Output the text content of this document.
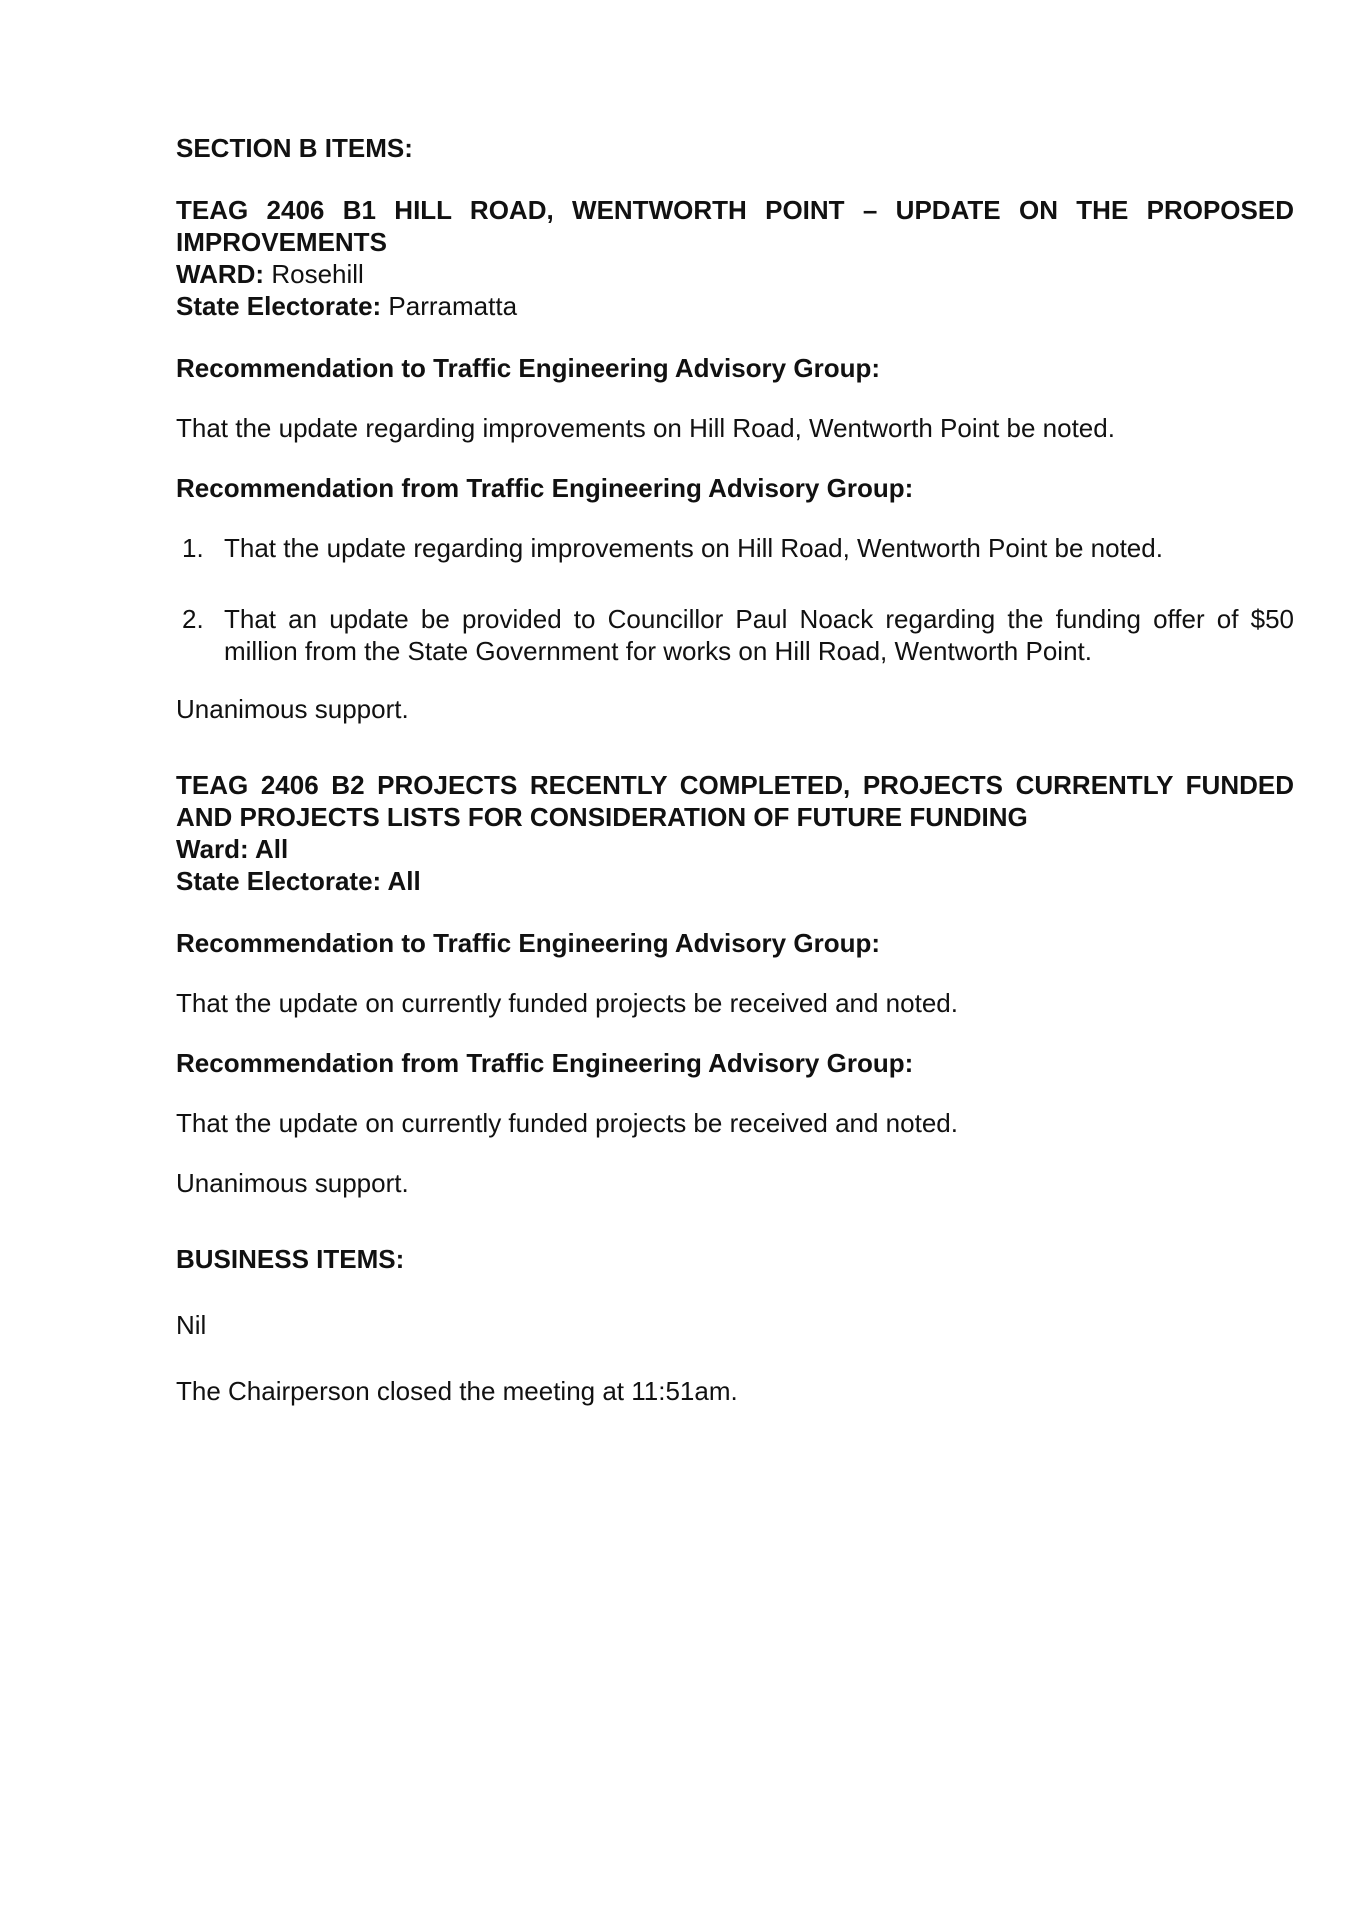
SECTION B ITEMS:

TEAG 2406 B1 HILL ROAD, WENTWORTH POINT – UPDATE ON THE PROPOSED IMPROVEMENTS

WARD: Rosehill

State Electorate: Parramatta

Recommendation to Traffic Engineering Advisory Group:

That the update regarding improvements on Hill Road, Wentworth Point be noted.

Recommendation from Traffic Engineering Advisory Group:

1. That the update regarding improvements on Hill Road, Wentworth Point be noted.
2. That an update be provided to Councillor Paul Noack regarding the funding offer of $50 million from the State Government for works on Hill Road, Wentworth Point.

Unanimous support.

TEAG 2406 B2 PROJECTS RECENTLY COMPLETED, PROJECTS CURRENTLY FUNDED AND PROJECTS LISTS FOR CONSIDERATION OF FUTURE FUNDING

Ward: All

State Electorate: All

Recommendation to Traffic Engineering Advisory Group:

That the update on currently funded projects be received and noted.

Recommendation from Traffic Engineering Advisory Group:

That the update on currently funded projects be received and noted.

Unanimous support.

BUSINESS ITEMS:

Nil

The Chairperson closed the meeting at 11:51am.
